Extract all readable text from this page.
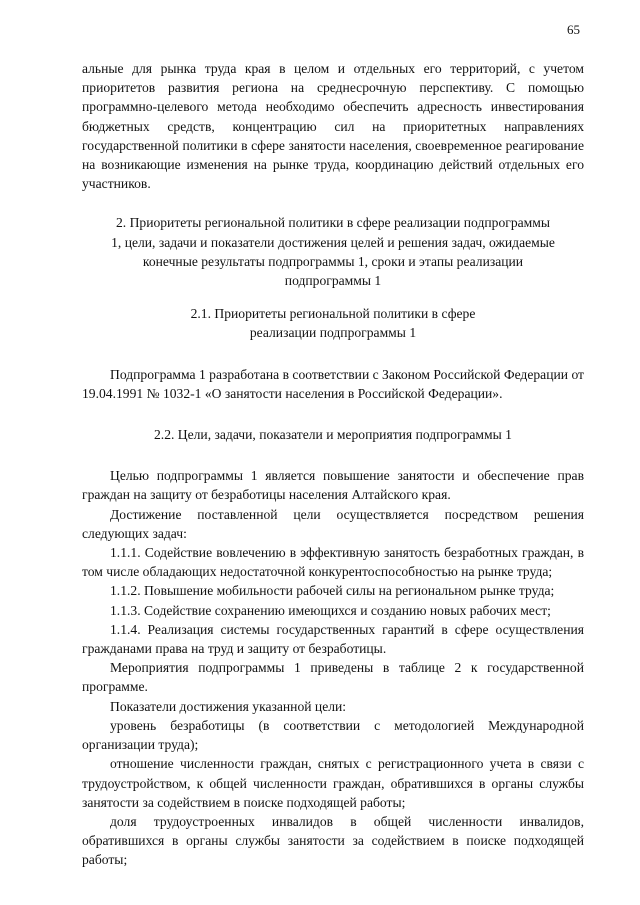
65

альные для рынка труда края в целом и отдельных его территорий, с учетом приоритетов развития региона на среднесрочную перспективу. С помощью программно-целевого метода необходимо обеспечить адресность инвестирования бюджетных средств, концентрацию сил на приоритетных направлениях государственной политики в сфере занятости населения, своевременное реагирование на возникающие изменения на рынке труда, координацию действий отдельных его участников.

2. Приоритеты региональной политики в сфере реализации подпрограммы 1, цели, задачи и показатели достижения целей и решения задач, ожидаемые конечные результаты подпрограммы 1, сроки и этапы реализации подпрограммы 1
2.1. Приоритеты региональной политики в сфере реализации подпрограммы 1

Подпрограмма 1 разработана в соответствии с Законом Российской Федерации от 19.04.1991 № 1032-1 «О занятости населения в Российской Федерации».

2.2. Цели, задачи, показатели и мероприятия подпрограммы 1

Целью подпрограммы 1 является повышение занятости и обеспечение прав граждан на защиту от безработицы населения Алтайского края.

Достижение поставленной цели осуществляется посредством решения следующих задач:

1.1.1. Содействие вовлечению в эффективную занятость безработных граждан, в том числе обладающих недостаточной конкурентоспособностью на рынке труда;

1.1.2. Повышение мобильности рабочей силы на региональном рынке труда;

1.1.3. Содействие сохранению имеющихся и созданию новых рабочих мест;

1.1.4. Реализация системы государственных гарантий в сфере осуществления гражданами права на труд и защиту от безработицы.

Мероприятия подпрограммы 1 приведены в таблице 2 к государственной программе.

Показатели достижения указанной цели:

уровень безработицы (в соответствии с методологией Международной организации труда);

отношение численности граждан, снятых с регистрационного учета в связи с трудоустройством, к общей численности граждан, обратившихся в органы службы занятости за содействием в поиске подходящей работы;

доля трудоустроенных инвалидов в общей численности инвалидов, обратившихся в органы службы занятости за содействием в поиске подходящей работы;
